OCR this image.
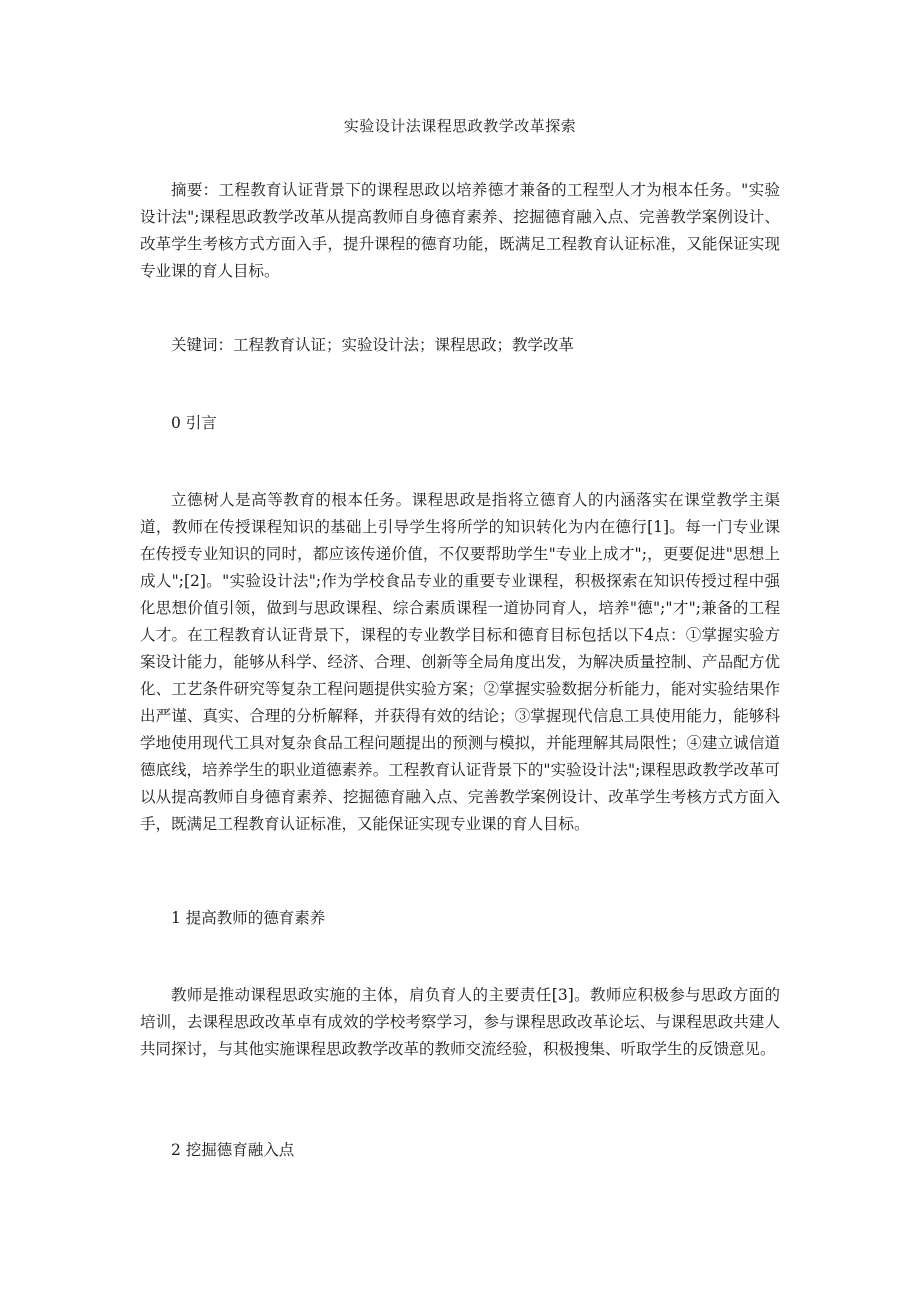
实验设计法课程思政教学改革探索

摘要：工程教育认证背景下的课程思政以培养德才兼备的工程型人才为根本任务。"实验设计法";课程思政教学改革从提高教师自身德育素养、挖掘德育融入点、完善教学案例设计、改革学生考核方式方面入手，提升课程的德育功能，既满足工程教育认证标准，又能保证实现专业课的育人目标。

关键词：工程教育认证；实验设计法；课程思政；教学改革

0 引言

立德树人是高等教育的根本任务。课程思政是指将立德育人的内涵落实在课堂教学主渠道，教师在传授课程知识的基础上引导学生将所学的知识转化为内在德行[1]。每一门专业课在传授专业知识的同时，都应该传递价值，不仅要帮助学生"专业上成才";，更要促进"思想上成人";[2]。"实验设计法";作为学校食品专业的重要专业课程，积极探索在知识传授过程中强化思想价值引领，做到与思政课程、综合素质课程一道协同育人，培养"德";"才";兼备的工程人才。在工程教育认证背景下，课程的专业教学目标和德育目标包括以下4点：①掌握实验方案设计能力，能够从科学、经济、合理、创新等全局角度出发，为解决质量控制、产品配方优化、工艺条件研究等复杂工程问题提供实验方案；②掌握实验数据分析能力，能对实验结果作出严谨、真实、合理的分析解释，并获得有效的结论；③掌握现代信息工具使用能力，能够科学地使用现代工具对复杂食品工程问题提出的预测与模拟，并能理解其局限性；④建立诚信道德底线，培养学生的职业道德素养。工程教育认证背景下的"实验设计法";课程思政教学改革可以从提高教师自身德育素养、挖掘德育融入点、完善教学案例设计、改革学生考核方式方面入手，既满足工程教育认证标准，又能保证实现专业课的育人目标。

1 提高教师的德育素养

教师是推动课程思政实施的主体，肩负育人的主要责任[3]。教师应积极参与思政方面的培训，去课程思政改革卓有成效的学校考察学习，参与课程思政改革论坛、与课程思政共建人共同探讨，与其他实施课程思政教学改革的教师交流经验，积极搜集、听取学生的反馈意见。

2 挖掘德育融入点
